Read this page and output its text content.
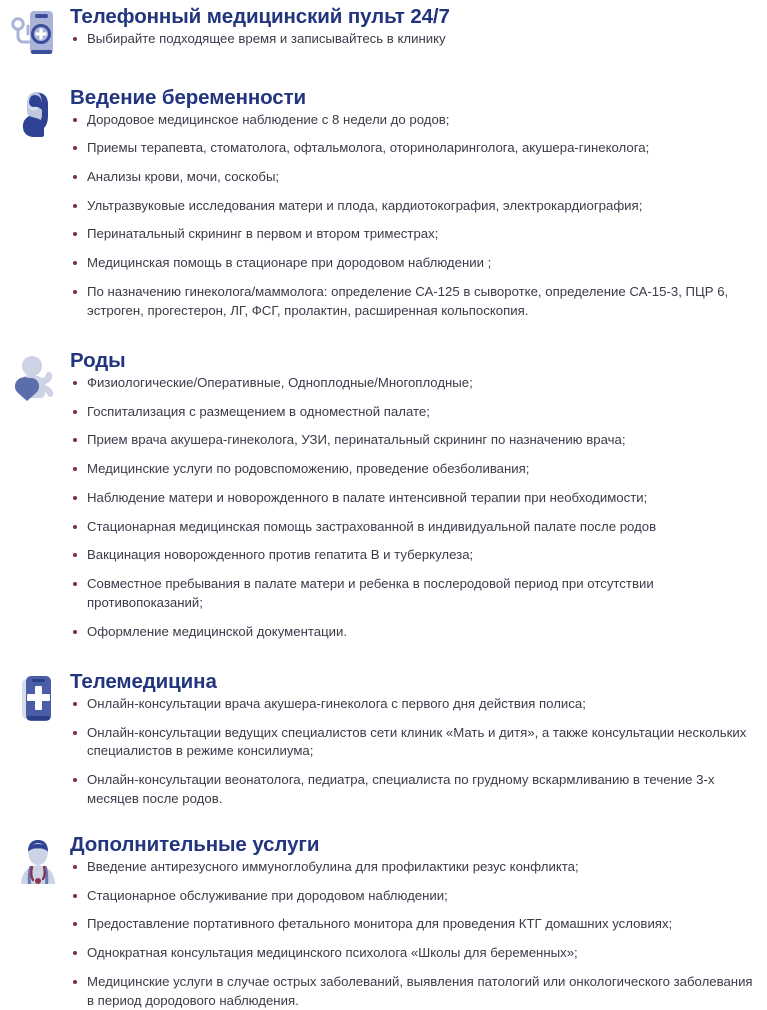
Телефонный медицинский пульт 24/7
Выбирайте подходящее время и записывайтесь в клинику
Ведение беременности
Дородовое медицинское наблюдение с 8 недели до родов;
Приемы терапевта, стоматолога, офтальмолога, оториноларинголога, акушера-гинеколога;
Анализы крови, мочи, соскобы;
Ультразвуковые исследования матери и плода, кардиотокография, электрокардиография;
Перинатальный скрининг в первом и втором триместрах;
Медицинская помощь в стационаре при дородовом наблюдении ;
По назначению гинеколога/маммолога: определение СА-125 в сыворотке, определение СА-15-3, ПЦР 6, эстроген, прогестерон, ЛГ, ФСГ, пролактин, расширенная кольпоскопия.
Роды
Физиологические/Оперативные, Одноплодные/Многоплодные;
Госпитализация с размещением в одноместной палате;
Прием врача акушера-гинеколога, УЗИ, перинатальный скрининг по назначению врача;
Медицинские услуги по родовспоможению, проведение обезболивания;
Наблюдение матери и новорожденного в палате интенсивной терапии при необходимости;
Стационарная медицинская помощь застрахованной в индивидуальной палате после родов
Вакцинация новорожденного против гепатита В и туберкулеза;
Совместное пребывания в палате матери и ребенка в послеродовой период при отсутствии противопоказаний;
Оформление медицинской документации.
Телемедицина
Онлайн-консультации врача акушера-гинеколога с первого дня действия полиса;
Онлайн-консультации ведущих специалистов сети клиник «Мать и дитя», а также консультации нескольких специалистов в режиме консилиума;
Онлайн-консультации веонатолога, педиатра, специалиста по грудному вскармливанию в течение 3-х месяцев после родов.
Дополнительные услуги
Введение антирезусного иммуноглобулина для профилактики резус конфликта;
Стационарное обслуживание при дородовом наблюдении;
Предоставление портативного фетального монитора для проведения КТГ домашних условиях;
Однократная консультация медицинского психолога «Школы для беременных»;
Медицинские услуги в случае острых заболеваний, выявления патологий или онкологического заболевания в период дородового наблюдения.
